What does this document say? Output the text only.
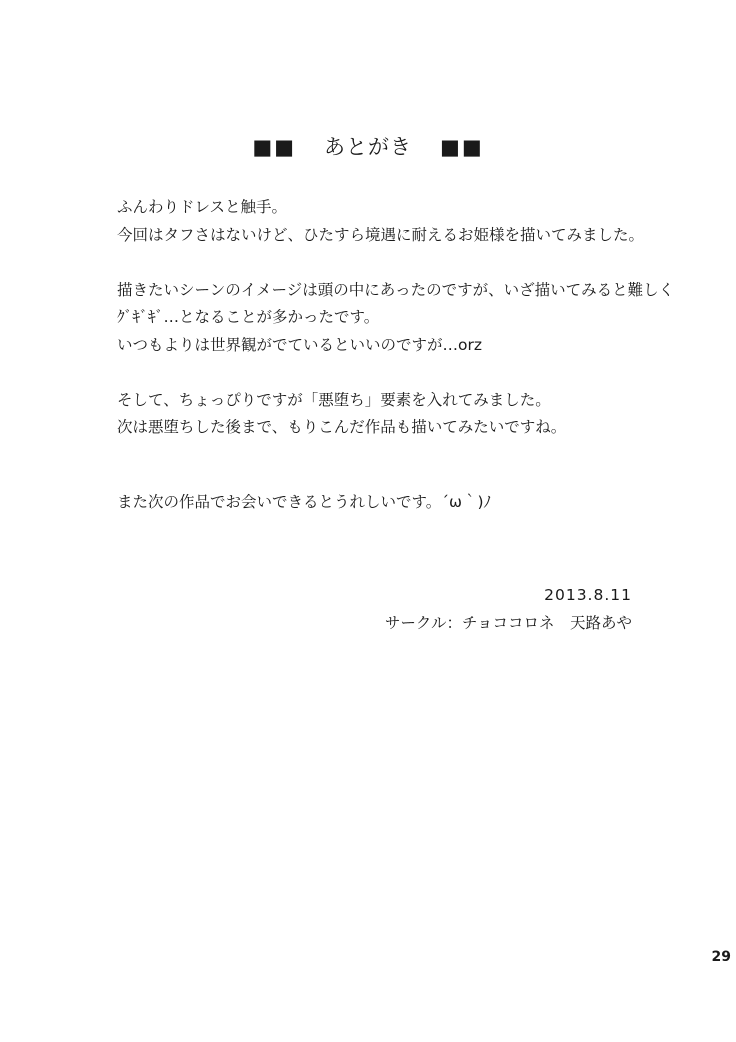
■■ あとがき ■■
ふんわりドレスと触手。
今回はタフさはないけど、ひたすら境遇に耐えるお姫様を描いてみました。
描きたいシーンのイメージは頭の中にあったのですが、いざ描いてみると難しく
ｸﾞｷﾞｷﾞ…となることが多かったです。
いつもよりは世界観がでているといいのですが…orz
そして、ちょっぴりですが「悪堕ち」要素を入れてみました。
次は悪堕ちした後まで、もりこんだ作品も描いてみたいですね。
また次の作品でお会いできるとうれしいです。´ω｀)ﾉ
2013.8.11
サークル：チョココロネ　天路あや
29
